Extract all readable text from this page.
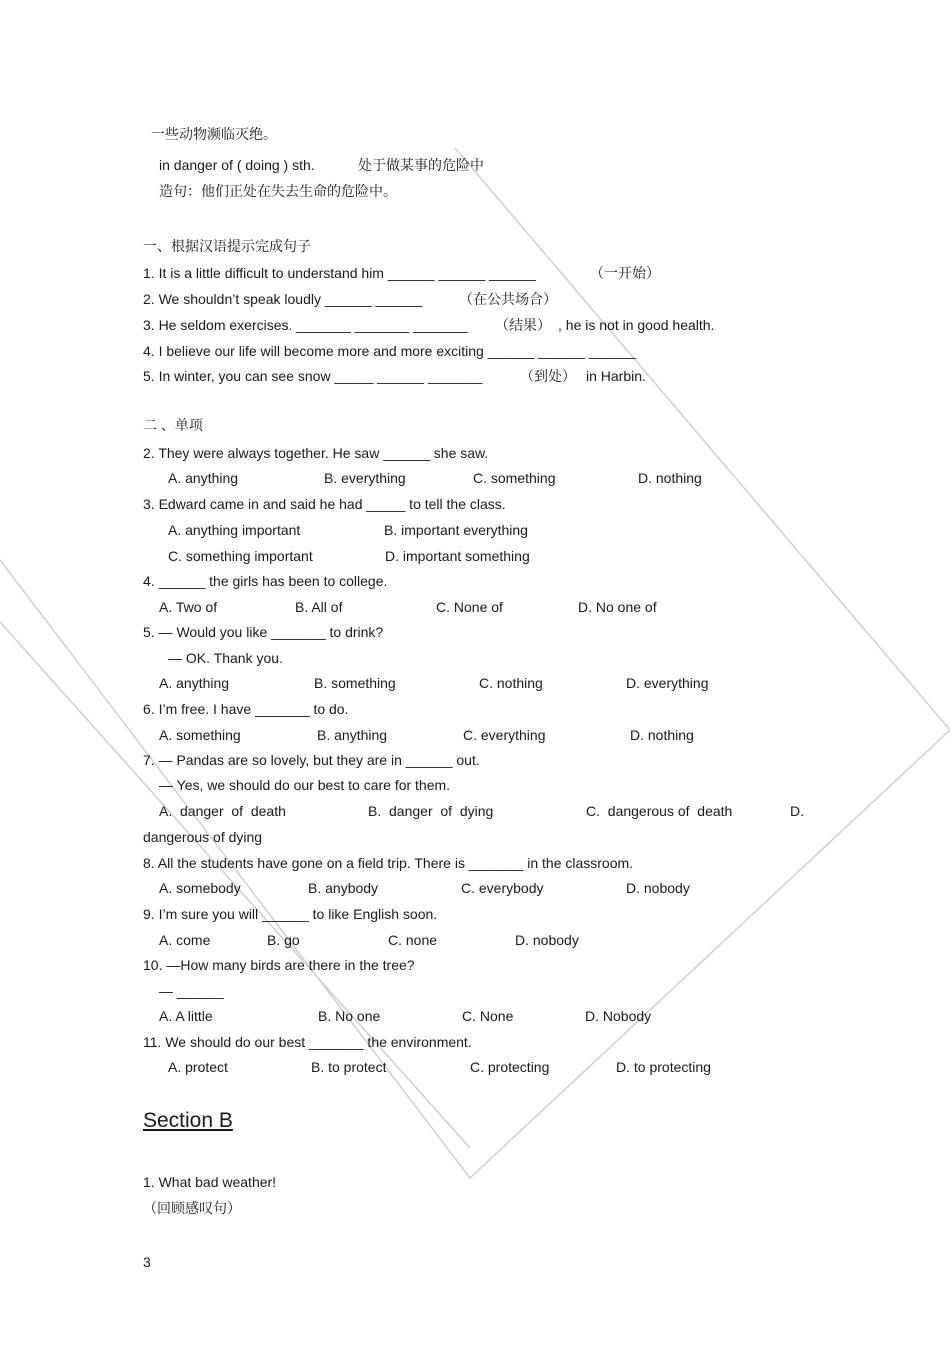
一些动物濒临灭绝。
in danger of ( doing ) sth.	处于做某事的危险中
造句：他们正处在失去生命的危险中。
一、根据汉语提示完成句子
1. It is a little difficult to understand him ______ ______ ______	（一开始）
2. We shouldn’t speak loudly ______ ______	（在公共场合）
3. He seldom exercises. _______ _______ _______ （结果） , he is not in good health.
4. I believe our life will become more and more exciting ______ ______ ______
5. In winter, you can see snow _____ ______ _______	（到处） in Harbin.
二 、单项
2. They were always together. He saw ______ she saw.
A. anything	B. everything	C. something	D. nothing
3. Edward came in and said he had _____ to tell the class.
A. anything important	B. important everything
C. something important	D. important something
4. ______ the girls has been to college.
A. Two of	B. All of	C. None of	D. No one of
5. — Would you like _______ to drink?
— OK. Thank you.
A. anything	B. something	C. nothing	D. everything
6. I’m free. I have _______ to do.
A. something	B. anything	C. everything	D. nothing
7. — Pandas are so lovely, but they are in ______ out.
— Yes, we should do our best to care for them.
A.  danger  of  death	B.  danger  of  dying	C.  dangerous of  death	D.
dangerous of dying
8. All the students have gone on a field trip. There is _______ in the classroom.
A. somebody	B. anybody	C. everybody	D. nobody
9. I’m sure you will ______ to like English soon.
A. come	B. go	C. none	D. nobody
10. —How many birds are there in the tree?
— ______
A. A little	B. No one	C. None	D. Nobody
11. We should do our best _______ the environment.
A. protect	B. to protect	C. protecting	D. to protecting
Section B
1. What bad weather!
（回顾感叹句）
3
